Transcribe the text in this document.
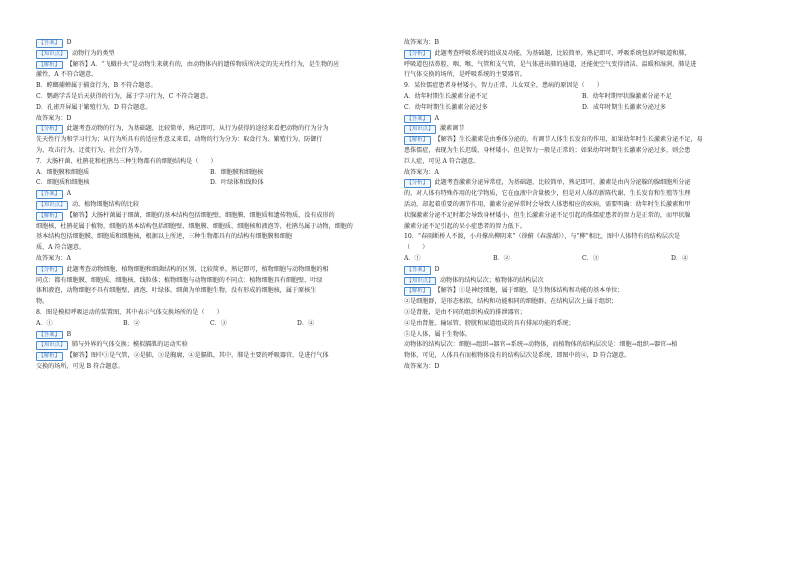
【答案】 D
【知识点】 动物行为的类型
【解析】 【解答】A．“飞蛾扑火”是动物生来就有的，由动物体内的遗传物质所决定的先天性行为，是生物的应
激性，A 不符合题意。
B．螳螂捕蝉属于捕食行为，B 不符合题意。
C．鹦鹉学舌是后天获得的行为，属于学习行为，C 不符合题意。
D．孔雀开屏属于繁殖行为，D 符合题意。
故答案为：D
【分析】 此题考查动物的行为，为基础题，比较简单，熟记即可，从行为获得的途径来看把动物的行为分为
先天性行为和学习行为；从行为所具有的适应性意义来看，动物的行为分为：取食行为、繁殖行为、防御行
为、攻击行为、迁徙行为、社会行为等。
7．大肠杆菌、杜鹃花和杜鹃鸟三种生物都有的细胞结构是（　　）
A．细胞膜和细胞质	B．细胞膜和细胞核
C．细胞质和细胞核	D．叶绿体和线粒体
【答案】 A
【知识点】 动、植物细胞结构的比较
【解析】 【解答】大肠杆菌属于细菌，细胞的基本结构包括细胞壁、细胞膜、细胞质和遗传物质，没有成形的
细胞核，杜鹃花属于植物，细胞的基本结构包括细胞壁、细胞膜、细胞质、细胞核和液泡等，杜鹃鸟属于动物，细胞的
基本结构包括细胞膜、细胞质和细胞核，根据以上所述，三种生物都具有的结构有细胞膜和细胞
质，A 符合题意。
故答案为：A
【分析】 此题考查动物细胞、植物细胞和细菌结构的区别，比较简单，熟记即可，植物细胞与动物细胞的相
同点：都有细胞膜、细胞质、细胞核、线粒体；植物细胞与动物细胞的不同点：植物细胞具有细胞壁、叶绿
体和液泡，动物细胞不具有细胞壁、液泡、叶绿体，细菌为单细胞生物，没有形成的细胞核，属于原核生
物。
8．图是模拟呼吸运动的装置图，其中表示气体交换场所的是（　　）
A．①	B．②	C．③	D．④
【答案】 B
【知识点】 肺与外界的气体交换；模拟膈肌的运动实验
【解析】 【解答】图中①是气管，②是肺，③是胸廓，④是膈肌，其中，肺是主要的呼吸器官，是进行气体
交换的场所，可见 B 符合题意。
故答案为：B
【分析】 此题考查呼吸系统的组成及功能，为基础题，比较简单，熟记即可，呼吸系统包括呼吸道和肺，
呼吸道包括鼻腔、咽、喉、气管和支气管，是气体进出肺的通道，还能使空气变得清洁、温暖和湿润，肺是进
行气体交换的场所，是呼吸系统的主要器官。
9．某位儒症患者身材矮小，智力正常，儿女双全，患病的原因是（　　）
A．幼年时期生长激素分泌不足	B．幼年时期甲状腺激素分泌不足
C．幼年时期生长激素分泌过多	D．成年时期生长激素分泌过多
【答案】 A
【知识点】 激素调节
【解析】 【解答】生长激素是由垂体分泌的，有调节人体生长发育的作用，如果幼年时生长激素分泌不足，易
患侏儒症，表现为生长迟缓，身材矮小，但是智力一般是正常的；如果幼年时期生长激素分泌过多，则会患
巨人症，可见 A 符合题意。
故答案为：A
【分析】 此题考查激素分泌异常症，为基础题，比较简单，熟记即可，激素是由内分泌腺的腺细胞所分泌
的、对人体有特殊作用的化学物质，它在血液中含量极少，但是对人体的新陈代谢、生长发育和生殖等生理
活动，却起着重要的调节作用，激素分泌异常时会导致人体患相应的疾病，需要明确：幼年时生长激素和甲
状腺激素分泌不足时都会导致身材矮小，但生长激素分泌不足引起的侏儒症患者的智力是正常的，而甲状腺
激素分泌不足引起的呆小症患者的智力低下。
10．“春雨断桥人不渡，小舟撑出柳阴来”（徐俯《春游湖》），与“柳”相比，图中人体特有的结构层次是
（　　）
A．①	B．②	C．③	D．④
【答案】 D
【知识点】 动物体的结构层次；植物体的结构层次
【解析】 【解答】①是神经细胞，属于细胞，是生物体结构和功能的基本单位；
②是细胞群，是形态相似，结构和功能相同的细胞群，在结构层次上属于组织；
③是肾脏，是由不同的组织构成的排泄器官；
④是由肾脏、输尿管、膀胱和尿道组成的具有排尿功能的系统；
⑤是人体，属于生物体。
动物体的结构层次：细胞→组织→器官→系统→动物体，而植物体的结构层次是：细胞→组织→器官→植
物体，可见，人体具有而植物体没有的结构层次是系统，即图中的④，D 符合题意。
故答案为：D
